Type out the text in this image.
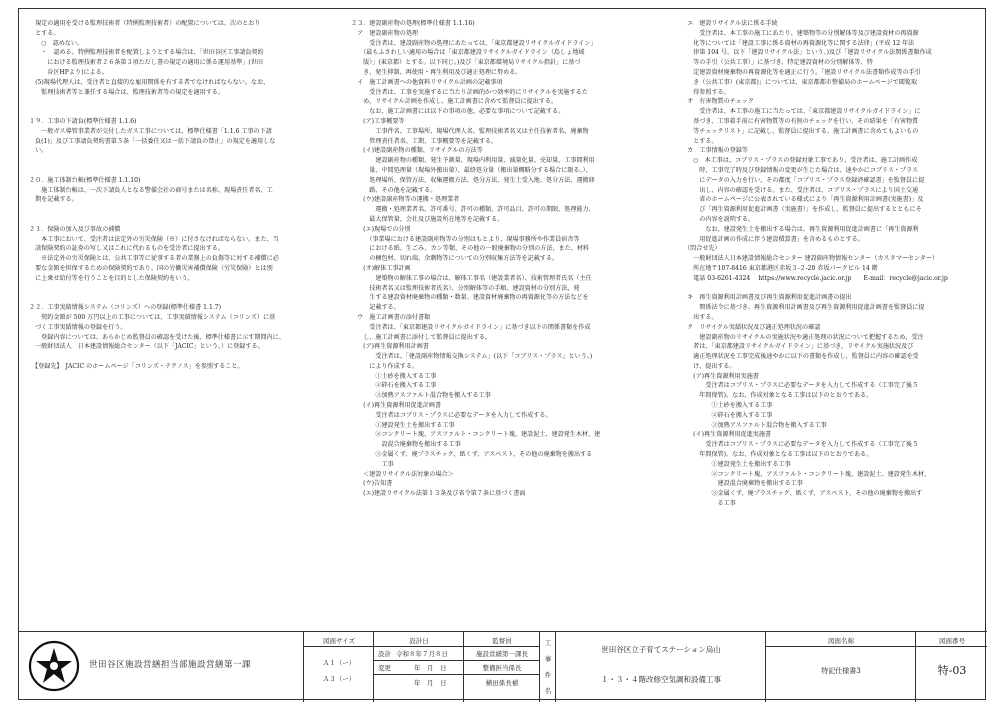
　規定の適用を受ける監理技術者（特例監理技術者）の配置については、次のとおり
　とする。
　　○　認めない。
　　・　認める。特例監理技術者を配置しようとする場合は、「世田谷区工事請負契約
　　　における監理技術者２６条第３項ただし書の規定の適用に係る運用基準」(世田
　　　谷区HPより)による。
　(5)現場代理人は、受注者と直接的な雇用関係を有する者でなければならない。なお、
　　監理技術者等と兼任する場合は、監理技術者等の規定を適用する。

１９．工事の下請負(標準仕様書 1.1.6)
　　一般ガス導管事業者が交付したガス工事については、標準仕様書「1.1.6 工事の下請
　負(1)」及び工事請負契約書第５条「一括委任又は一括下請負の禁止」の規定を適用しな
　い。

２０．施工体制台帳(標準仕様書 1.1.10)
　　施工体制台帳は、一次下請負人となる警備会社の商号または名称、現場責任者名、工
　期を記載する。

２１．保険の加入及び事故の補償
　　本工事において、受注者は法定外の労災保険（※）に付さなければならない。また、当
　該保険契約の証券の写し又はこれに代わるものを受注者に提出する。
　　※法定外の労災保険とは、公共工事等に従事する者の業務上の負傷等に対する補償に必
　要な金額を担保するための保険契約であり、国の労働災害補償保険（労災保険）とは別
　に上乗せ給付等を行うことを目的とした保険契約をいう。

２２．工事実績情報システム（コリンズ）への登録(標準仕様書 1.1.7)
　　契約金額が 500 万円以上の工事については、工事実績情報システム（コリンズ）に基
　づく工事実績情報の登録を行う。
　　登録内容については、あらかじめ監督員の確認を受けた後、標準仕様書に示す期間内に、
　一般財団法人　日本建設情報総合センター（以下「JACIC」という。）に登録する。

　【登録先】　JACIC のホームページ「コリンズ・テクノス」を参照すること。
２３．建設副産物の処理(標準仕様書 1.1.16)
　ア　建設副産物の処理
　　　受注者は、建設副産物の処理にあたっては、「東京都建設リサイクルガイドライン」
　　（最もふさわしい適用の場合は「東京都建設リサイクルガイドライン（島しょ地域
　　版）」(東京都）とする。以下同じ。)及び「東京都環境局リサイクル指針」に基づ
　　き、発生抑制、再使用・再生利用及び適正処理に努める。
　イ　施工計画書への他資料リサイクル計画の記載事項
　　　受注者は、工事を実施するに当たり計画的かつ効率的にリサイクルを実施するた
　　め、リサイクル計画を作成し、施工計画書に含めて監督員に提出する。
　　　なお、施工計画書には以下の事項の他、必要な事項について記載する。
　　(ア)工事概要等
　　　　工事件名、工事場所、現場代理人名、監理技術者名又は主任技術者名、廃棄物
　　　管理責任者名、工期、工事概要等を記載する。
　　(イ)建設副産物の種類、リサイクルの方法等
　　　　建設副産物の種類、発生予測量、現場内利用量、減量化量、売却量、工事間利用
　　　量、中間処理量（現場外搬出量）、最終処分量（搬出量概略分する場合に限る。）、
　　　処理場所、保管方法、収集運搬方法、処分方法、発生土受入地、処分方法、運搬経
　　　路、その他を記載する。
　　(ウ)建設副産物等の運搬・処理業者
　　　　運搬・処理業者名、許可番号、許可の種類、許可品目、許可の期限、処理能力、
　　　最大保管量、会社及び施設所在地等を記載する。
　　(エ)現場での分別
　　　（事業場における建設副産物等の分別はもとより、現場事務所や作業員宿舎等
　　　における紙、生ごみ、カン等類、その他の一般廃棄物の分別の方法、また、材料
　　　の梱包材、切れ端、余剰物等についての分別収集方法等を記載する。
　　(オ)解体工事計画
　　　　建築物の解体工事の場合は、解体工事名（建設業者名）、技術管理者氏名（主任
　　　技術者名又は監理技術者氏名）、分別解体等の手順、建設資材の分別方法、発
　　　生する建設資材廃棄物の種類・数量、建設資材廃棄物の再資源化等の方法などを
　　　記載する。
　ウ　施工計画書の添付書類
　　　受注者は、「東京都建設リサイクルガイドライン」に基づき以下の関係書類を作成
　　し、施工計画書に添付して監督員に提出する。
　　(ア)再生資源利用計画書
　　　　受注者は、「建設副産物情報交換システム」(以下「コブリス・プラス」という。)
　　　により作成する。
　　　　①土砂を搬入する工事
　　　　②砕石を搬入する工事
　　　　③加熱アスファルト混合物を搬入する工事
　　(イ)再生資源利用促進計画書
　　　　受注者はコブリス・プラスに必要なデータを入力して作成する。
　　　　①建設発生土を搬出する工事
　　　　②コンクリート塊、アスファルト・コンクリート塊、建設泥土、建設発生木材、建
　　　　　設混合廃棄物を搬出する工事
　　　　③金属くず、廃プラスチック、紙くず、アスベスト、その他の廃棄物を搬出する
　　　　　工事
　　＜建設リサイクル法対象の場合＞
　　(ウ)告知書
　　(エ)建設リサイクル法第１３条及び省令第７条に基づく書面
　エ　建設リサイクル法に係る手続
　　　受注者は、本工事の施工にあたり、建築物等の分別解体等及び建設資材の再資源
　　化等については「建設工事に係る資材の再資源化等に関する法律」(平成 12 年法
　　律第 104 号。以下「建設リサイクル法」という。)及び「建設リサイクル法関係書類作成
　　等の手引（公共工事）」に基づき、特定建設資材の分別解体等、特
　　定建設資材廃棄物の再資源化等を適正に行う。「建設リサイクル法書類作成等の手引
　　き（公共工事）(東京都)」については、東京都都市整備局のホームページで閲覧取
　　得参照する。
　オ　有害物質のチェック
　　　受注者は、本工事の施工に当たっては、「東京都建設リサイクルガイドライン」に
　　基づき、工事着手前に有害物質等の有無のチェックを行い、その結果を「有害物質
　　等チェックリスト」に記載し、監督員に提出する。施工計画書に含めてもよいもの
　　とする。
　カ　工事情報の登録等
　　○　本工事は、コブリス・プラスの登録対象工事であり、受注者は、施工計画作成
　　　時、工事完了時及び登録情報の変更が生じた場合は、速やかにコブリス・プラス
　　　にデータの入力を行い、その都度「コブリス・プラス登録済確認書」を監督員に提
　　　出し、内容の確認を受ける。また、受注者は、コブリス・プラスにより国土交通
　　　省のホームページに公表されている様式により「再生資源利用計画書(実施書)」及
　　　び「再生資源利用促進計画書（実施書）」を作成し、監督員に提出するとともにそ
　　　の内容を説明する。
　　　　なお、建設発生土を搬出する場合は、再生資源利用促進計画書に「再生資源利
　　　用促進計画の作成に伴う建設積算書」を含めるものとする。
　（問合せ先）
　　一般財団法人日本建設情報総合センター 建設副産物情報センター（カスタマーセンター）
　　所在地〒107-8416 東京都港区赤坂３-２-20 赤坂パークビル 14 階
　　電話 03-6261-4324　 https://www.recycle.jacic.or.jp　　E-mail：recycle@jacic.or.jp

　キ　再生資源利用計画書及び再生資源利用促進計画書の提出
　　　関係法令に基づき、再生資源利用計画書及び再生資源利用促進計画書を監督員に提
　　出する。
　ク　リサイクル実績状況及び適正処理状況の確認
　　　建設副産物のリサイクルの実施状況や適正処理の状況について把握するため、受注
　　者は、「東京都建設リサイクルガイドライン」に基づき、リサイクル実施状況及び
　　適正処理状況を工事完成後速やかに以下の書類を作成し、監督員に内容の確認を受
　　け、提出する。
　　(ア)再生資源利用実施書
　　　　受注者はコブリス・プラスに必要なデータを入力して作成する（工事完了後５
　　　年間保管)。なお、作成対象となる工事は以下のとおりである。
　　　　　①土砂を搬入する工事
　　　　　②砕石を搬入する工事
　　　　　③加熱アスファルト混合物を搬入する工事
　　(イ)再生資源利用促進実施書
　　　　受注者はコブリス・プラスに必要なデータを入力して作成する（工事完了後５
　　　年間保管)。なお、作成対象となる工事は以下のとおりである。
　　　　　①建設発生土を搬出する工事
　　　　　②コンクリート塊、アスファルト・コンクリート塊、建設泥土、建設発生木材、
　　　　　　建設混合廃棄物を搬出する工事
　　　　　③金属くず、廃プラスチック、紙くず、アスベスト、その他の廃棄物を搬出す
　　　　　　る工事
世田谷区施設営繕担当部施設営繕第一課
図面サイズ
Ａ１（ー）
Ａ３（ー）
設計日
設計 令和８年７月８日
変更	年　月　日
年　月　日
監督員
施設営繕第一課長
整備担当係長
横田係長補
工
事
件
名
世田谷区立子育てステーション烏山
１・３・４階改修空気調和設備工事
図面名称
特記仕様書3
図面番号
特-03
